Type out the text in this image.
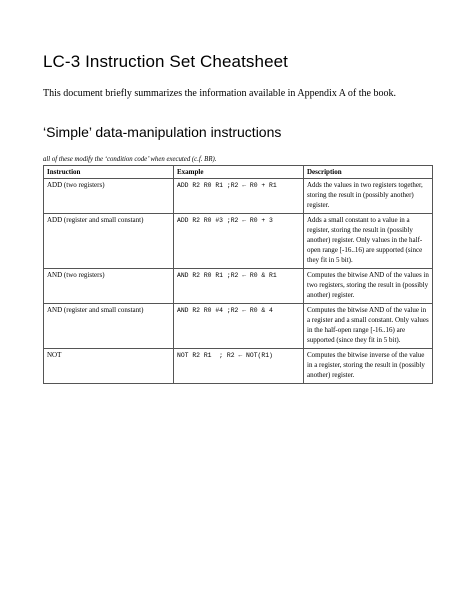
LC-3 Instruction Set Cheatsheet

This document briefly summarizes the information available in Appendix A of the book.

‘Simple’ data-manipulation instructions

all of these modify the ‘condition code’ when executed (c.f. BR).

Instruction	Example	Description
ADD (two registers)	ADD R2 R0 R1 ;R2 ← R0 + R1	Adds the values in two registers together, storing the result in (possibly another) register.
ADD (register and small constant)	ADD R2 R0 #3 ;R2 ← R0 + 3	Adds a small constant to a value in a register, storing the result in (possibly another) register. Only values in the half-open range [-16..16) are supported (since they fit in 5 bit).
AND (two registers)	AND R2 R0 R1 ;R2 ← R0 & R1	Computes the bitwise AND of the values in two registers, storing the result in (possibly another) register.
AND (register and small constant)	AND R2 R0 #4 ;R2 ← R0 & 4	Computes the bitwise AND of the value in a register and a small constant. Only values in the half-open range [-16..16) are supported (since they fit in 5 bit).
NOT	NOT R2 R1  ; R2 ← NOT(R1)	Computes the bitwise inverse of the value in a register, storing the result in (possibly another) register.
